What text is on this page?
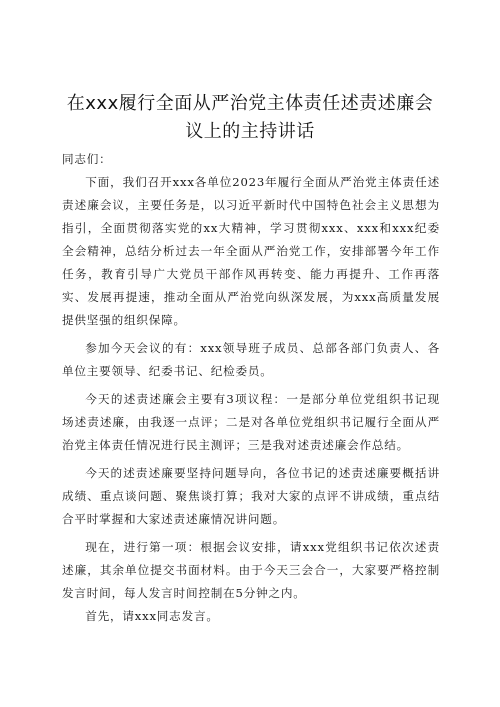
在xxx履行全面从严治党主体责任述责述廉会
议上的主持讲话

同志们：

下面，我们召开xxx各单位2023年履行全面从严治党主体责任述责述廉会议，主要任务是，以习近平新时代中国特色社会主义思想为指引，全面贯彻落实党的xx大精神，学习贯彻xxx、xxx和xxx纪委全会精神，总结分析过去一年全面从严治党工作，安排部署今年工作任务，教育引导广大党员干部作风再转变、能力再提升、工作再落实、发展再提速，推动全面从严治党向纵深发展，为xxx高质量发展提供坚强的组织保障。

参加今天会议的有：xxx领导班子成员、总部各部门负责人、各单位主要领导、纪委书记、纪检委员。

今天的述责述廉会主要有3项议程：一是部分单位党组织书记现场述责述廉，由我逐一点评；二是对各单位党组织书记履行全面从严治党主体责任情况进行民主测评；三是我对述责述廉会作总结。

今天的述责述廉要坚持问题导向，各位书记的述责述廉要概括讲成绩、重点谈问题、聚焦谈打算；我对大家的点评不讲成绩，重点结合平时掌握和大家述责述廉情况讲问题。

现在，进行第一项：根据会议安排，请xxx党组织书记依次述责述廉，其余单位提交书面材料。由于今天三会合一，大家要严格控制发言时间，每人发言时间控制在5分钟之内。

首先，请xxx同志发言。
